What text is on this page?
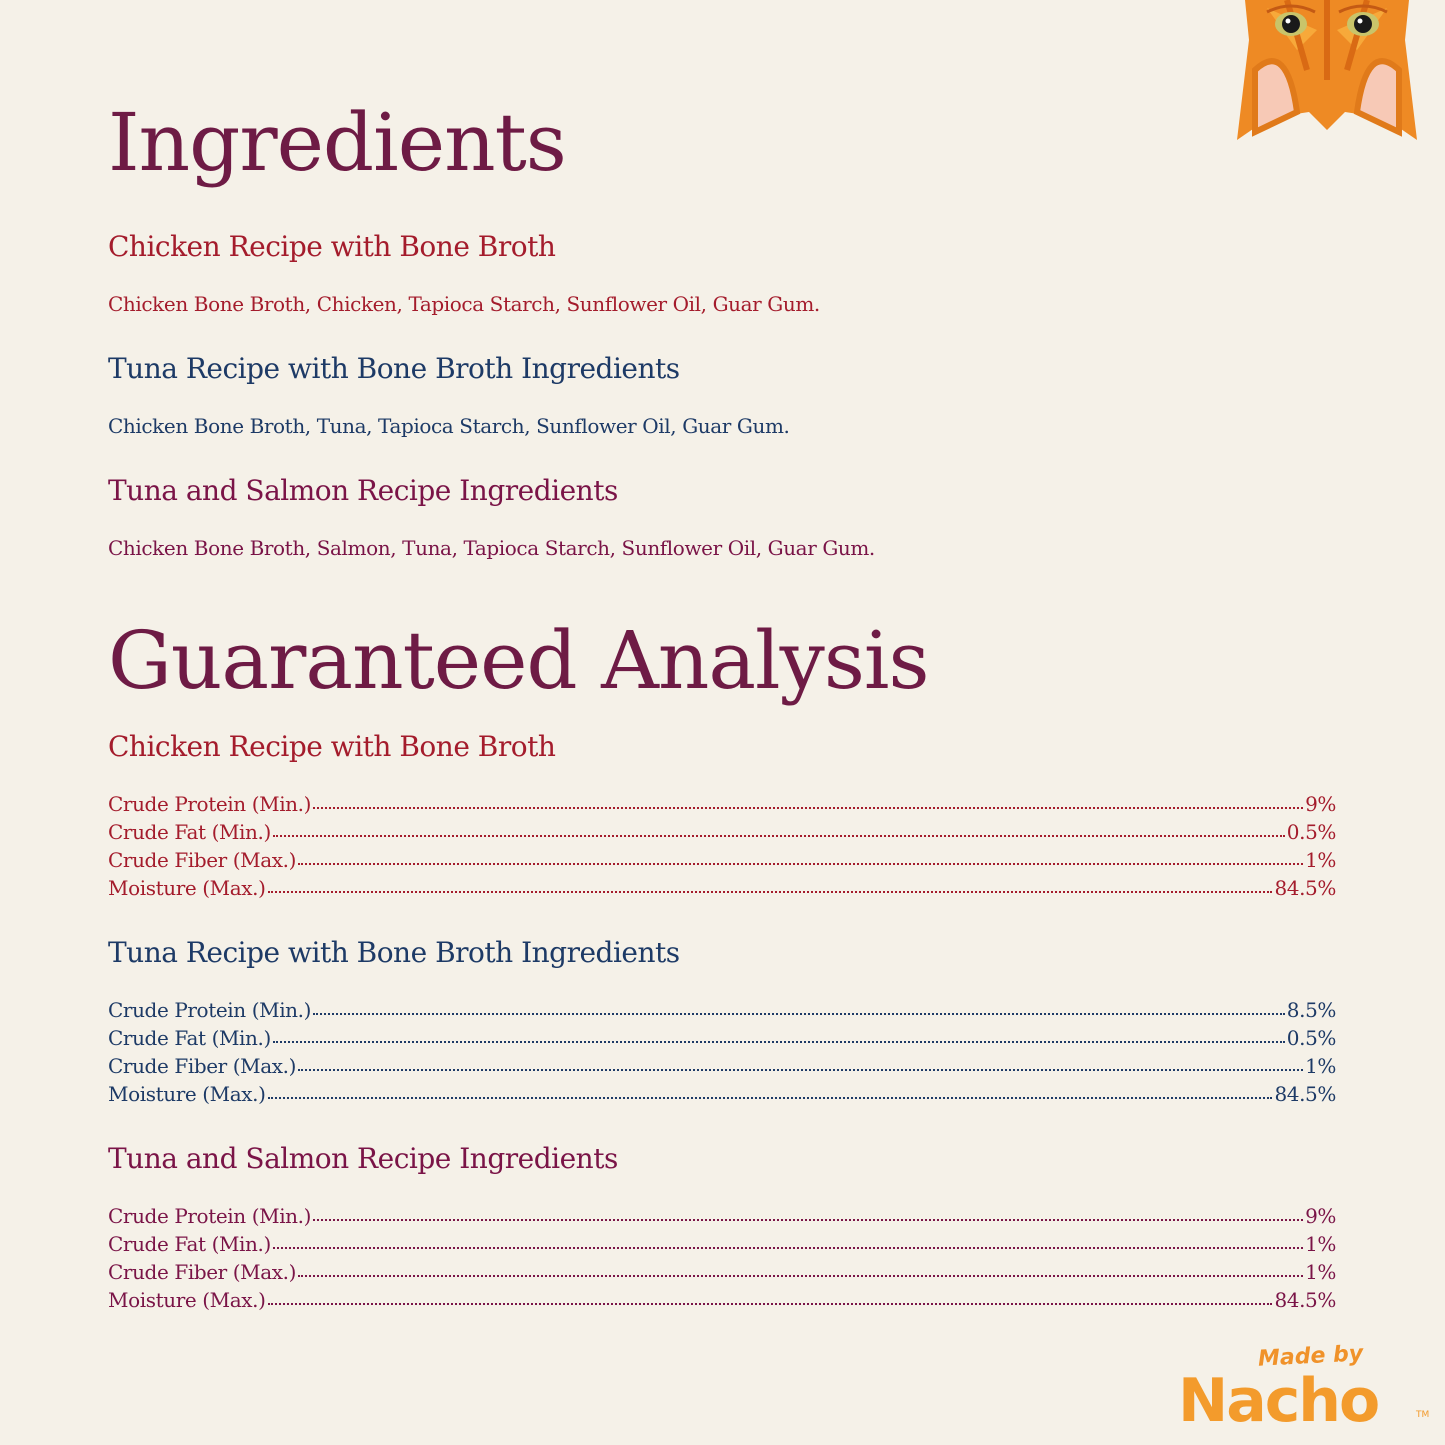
Ingredients
Chicken Recipe with Bone Broth

Chicken Bone Broth, Chicken, Tapioca Starch, Sunflower Oil, Guar Gum.

Tuna Recipe with Bone Broth Ingredients

Chicken Bone Broth, Tuna, Tapioca Starch, Sunflower Oil, Guar Gum.

Tuna and Salmon Recipe Ingredients

Chicken Bone Broth, Salmon, Tuna, Tapioca Starch, Sunflower Oil, Guar Gum.

Guaranteed Analysis
Chicken Recipe with Bone Broth
Crude Protein (Min.)	9%
Crude Fat (Min.)	0.5%
Crude Fiber (Max.)	1%
Moisture (Max.)	84.5%
Tuna Recipe with Bone Broth Ingredients
Crude Protein (Min.)	8.5%
Crude Fat (Min.)	0.5%
Crude Fiber (Max.)	1%
Moisture (Max.)	84.5%
Tuna and Salmon Recipe Ingredients
Crude Protein (Min.)	9%
Crude Fat (Min.)	1%
Crude Fiber (Max.)	1%
Moisture (Max.)	84.5%
Made by
Nacho	TM
